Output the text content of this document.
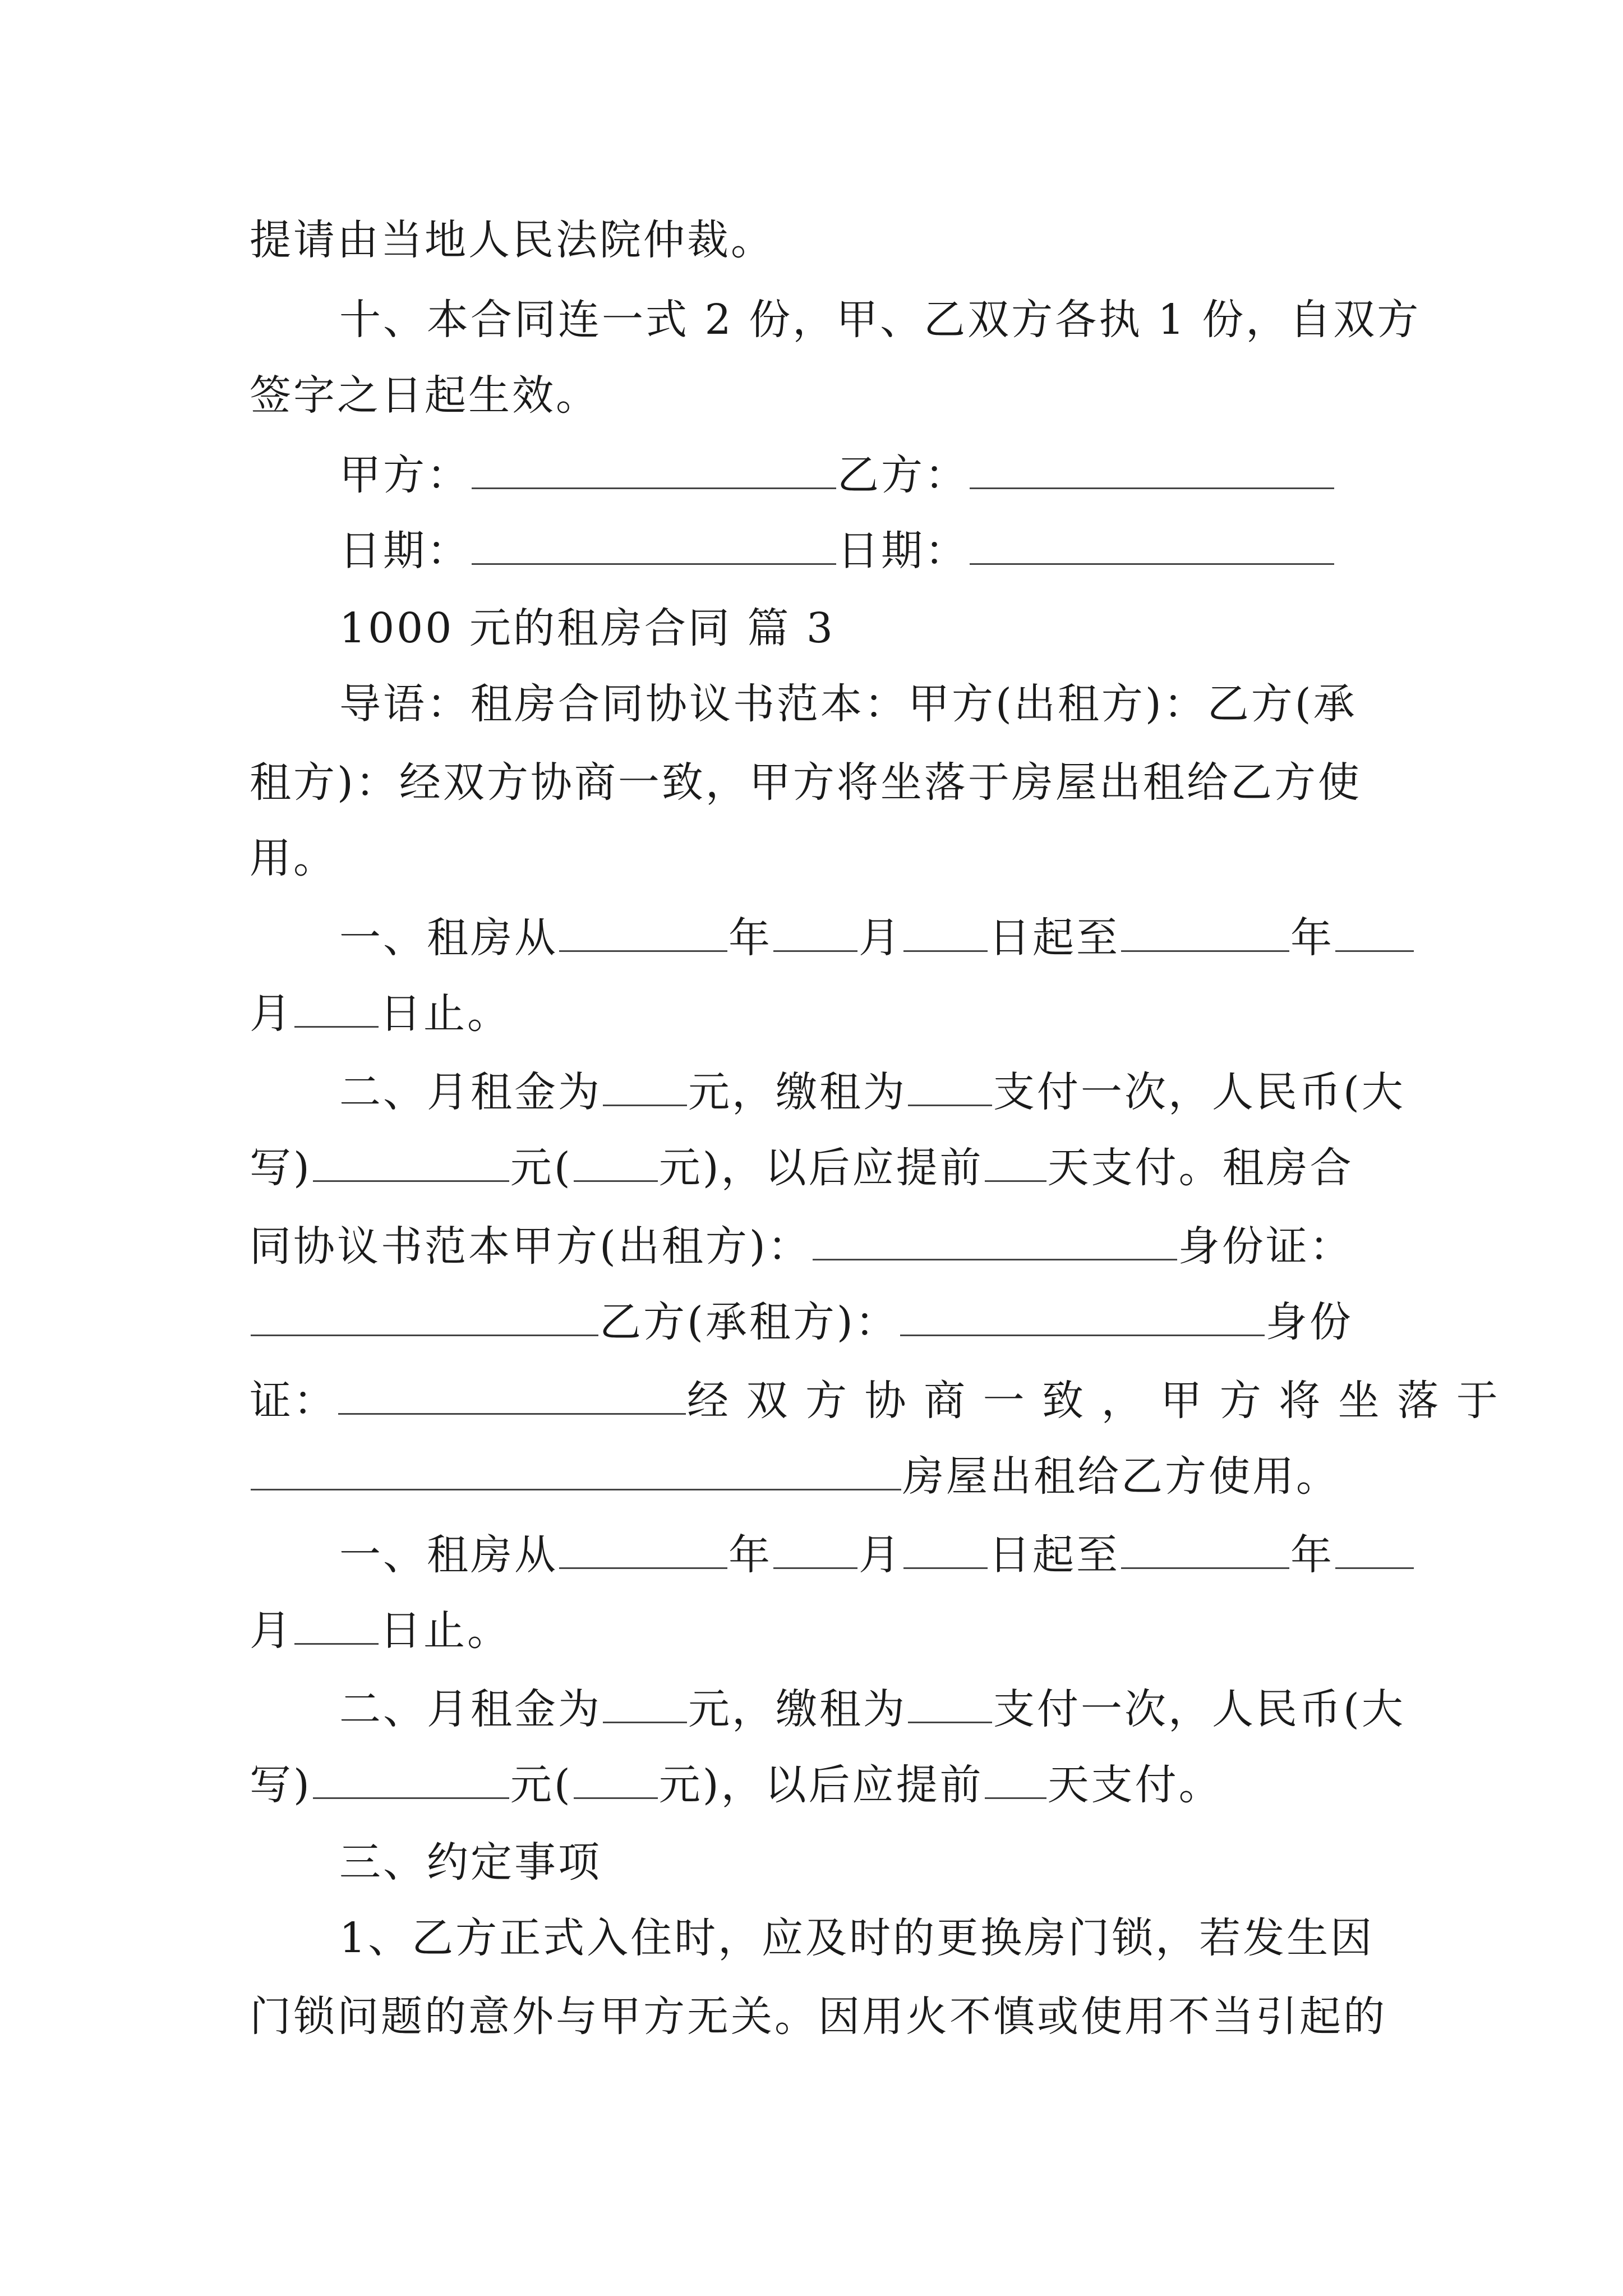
提请由当地人民法院仲裁。
十、本合同连一式 2 份，甲、乙双方各执 1 份，自双方
签字之日起生效。
甲方：	乙方：
日期：	日期：
1000 元的租房合同 篇 3
导语：租房合同协议书范本：甲方(出租方)：乙方(承
租方)：经双方协商一致，甲方将坐落于房屋出租给乙方使
用。
一、租房从	年 月 日起至	年
月 日止。
二、月租金为 元，缴租为 支付一次，人民币(大
写)	元( 元)，以后应提前 天支付。租房合
同协议书范本甲方(出租方)：	身份证：
乙方(承租方)：	身份
证：	经 双 方 协 商 一 致 ， 甲 方 将 坐 落 于
房屋出租给乙方使用。
一、租房从	年 月 日起至	年
月 日止。
二、月租金为 元，缴租为 支付一次，人民币(大
写)	元( 元)，以后应提前 天支付。
三、约定事项
1、乙方正式入住时，应及时的更换房门锁，若发生因
门锁问题的意外与甲方无关。因用火不慎或使用不当引起的
